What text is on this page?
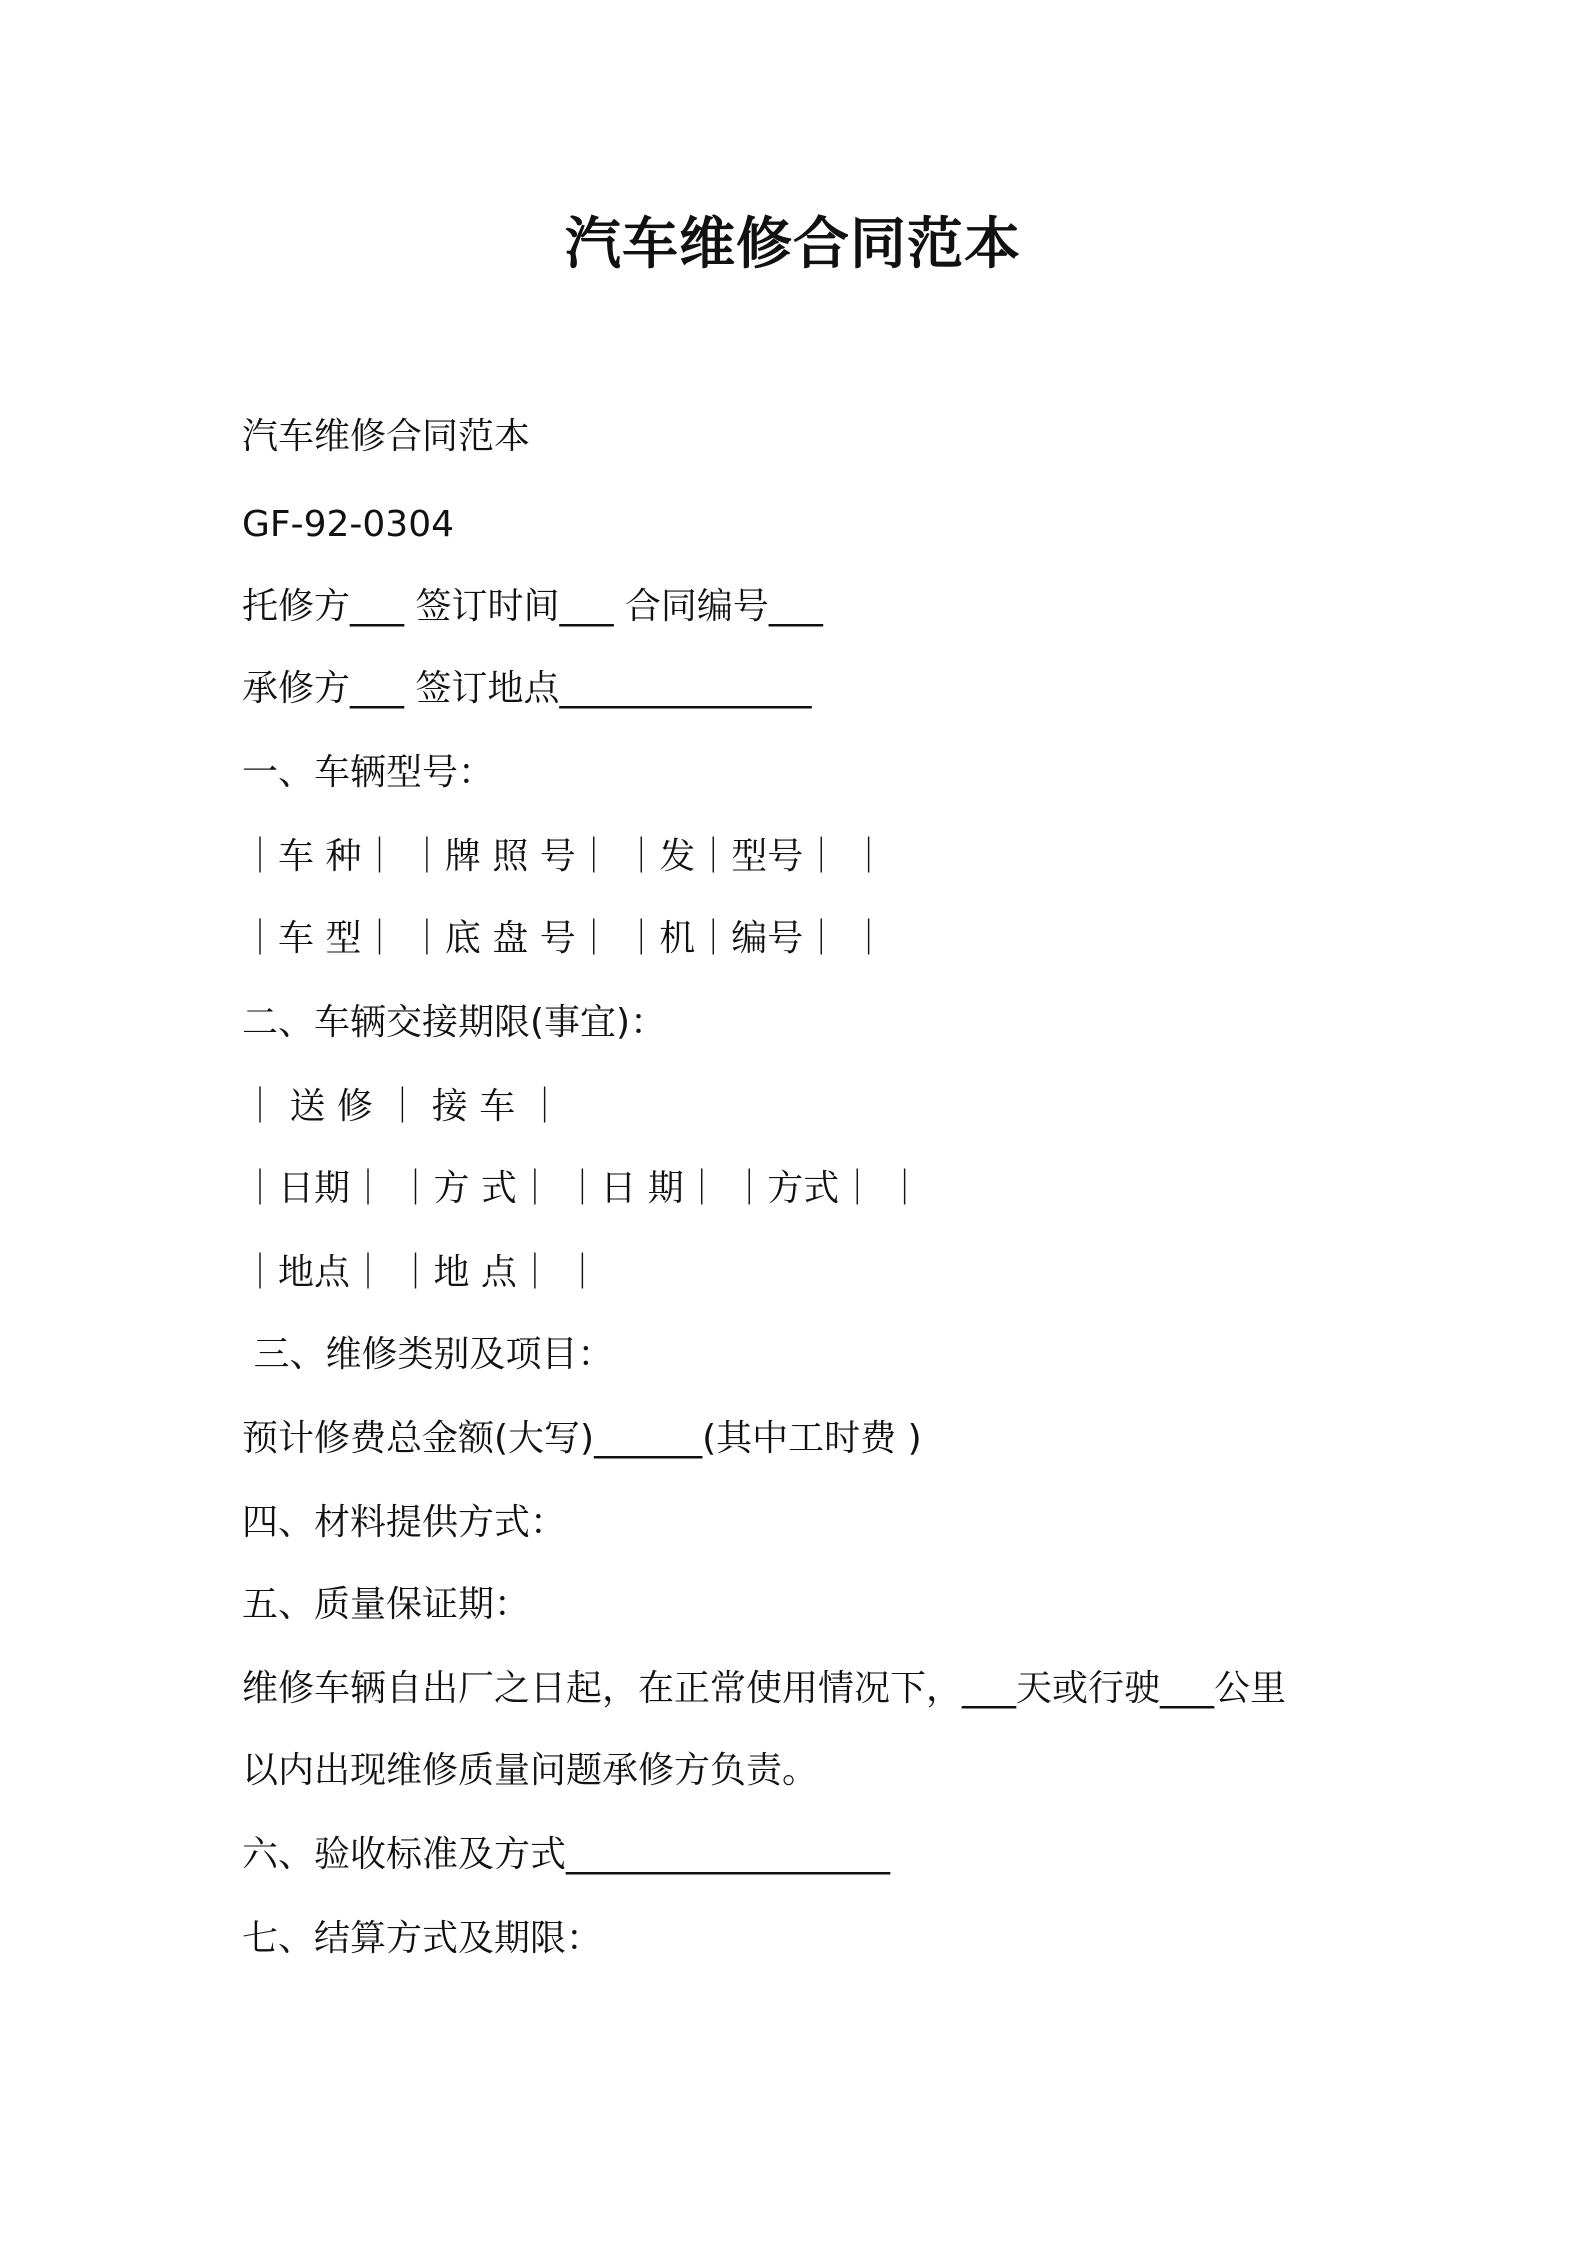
汽车维修合同范本
汽车维修合同范本
GF-92-0304
托修方___ 签订时间___ 合同编号___
承修方___ 签订地点______________
一、车辆型号：
｜车 种｜ ｜牌 照 号｜ ｜发｜型号｜ ｜
｜车 型｜ ｜底 盘 号｜ ｜机｜编号｜ ｜
二、车辆交接期限(事宜)：
｜ 送 修 ｜ 接 车 ｜
｜日期｜ ｜方 式｜ ｜日 期｜ ｜方式｜ ｜
｜地点｜ ｜地 点｜ ｜
三、维修类别及项目：
预计修费总金额(大写)______(其中工时费 )
四、材料提供方式：
五、质量保证期：
维修车辆自出厂之日起，在正常使用情况下，___天或行驶___公里
以内出现维修质量问题承修方负责。
六、验收标准及方式__________________
七、结算方式及期限：
